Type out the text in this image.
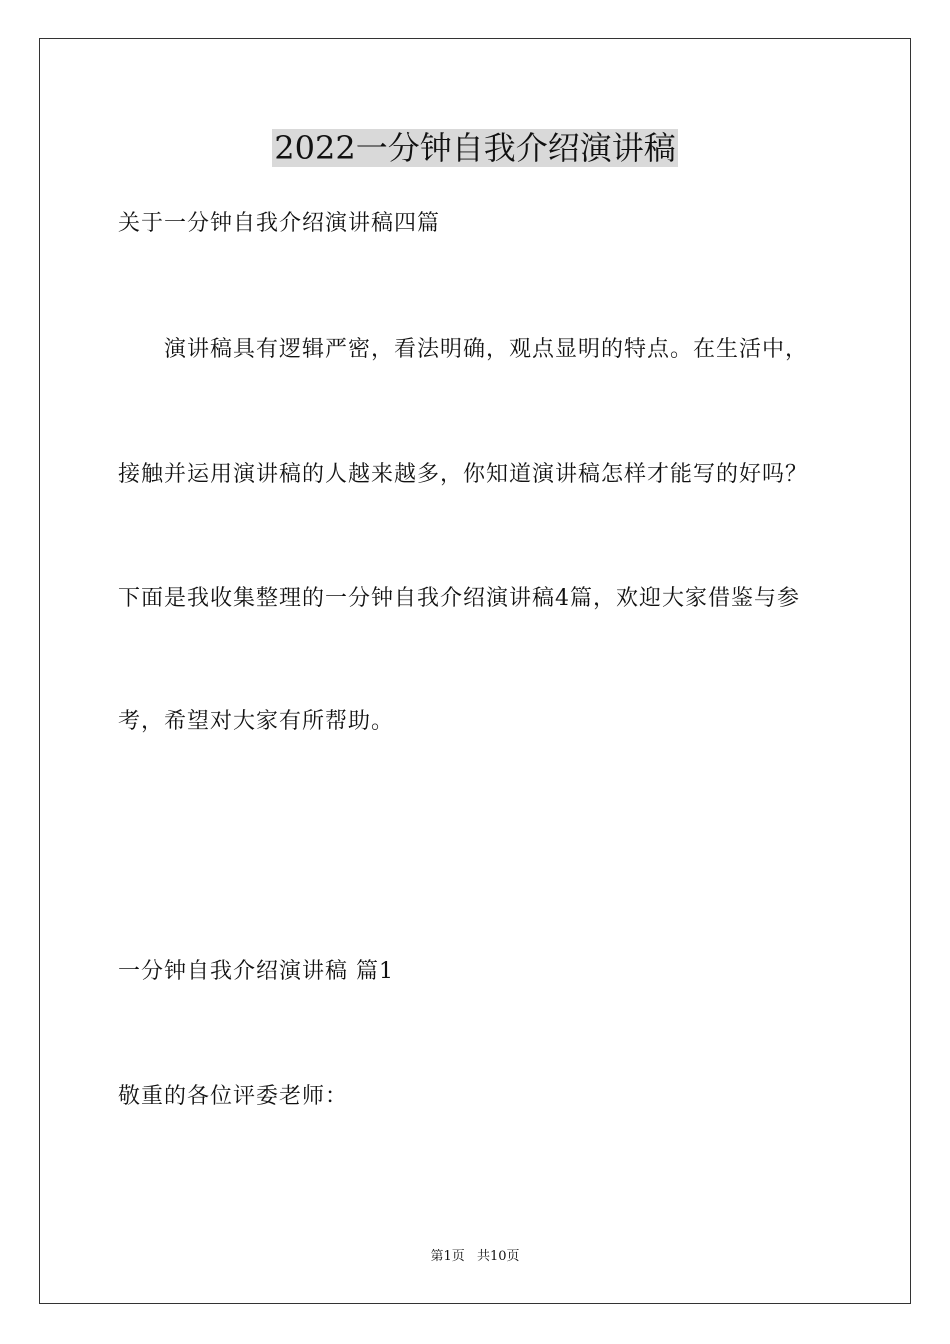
2022一分钟自我介绍演讲稿

关于一分钟自我介绍演讲稿四篇

演讲稿具有逻辑严密，看法明确，观点显明的特点。在生活中，

接触并运用演讲稿的人越来越多，你知道演讲稿怎样才能写的好吗？

下面是我收集整理的一分钟自我介绍演讲稿4篇，欢迎大家借鉴与参

考，希望对大家有所帮助。

一分钟自我介绍演讲稿 篇1

敬重的各位评委老师：

第1页 共10页
